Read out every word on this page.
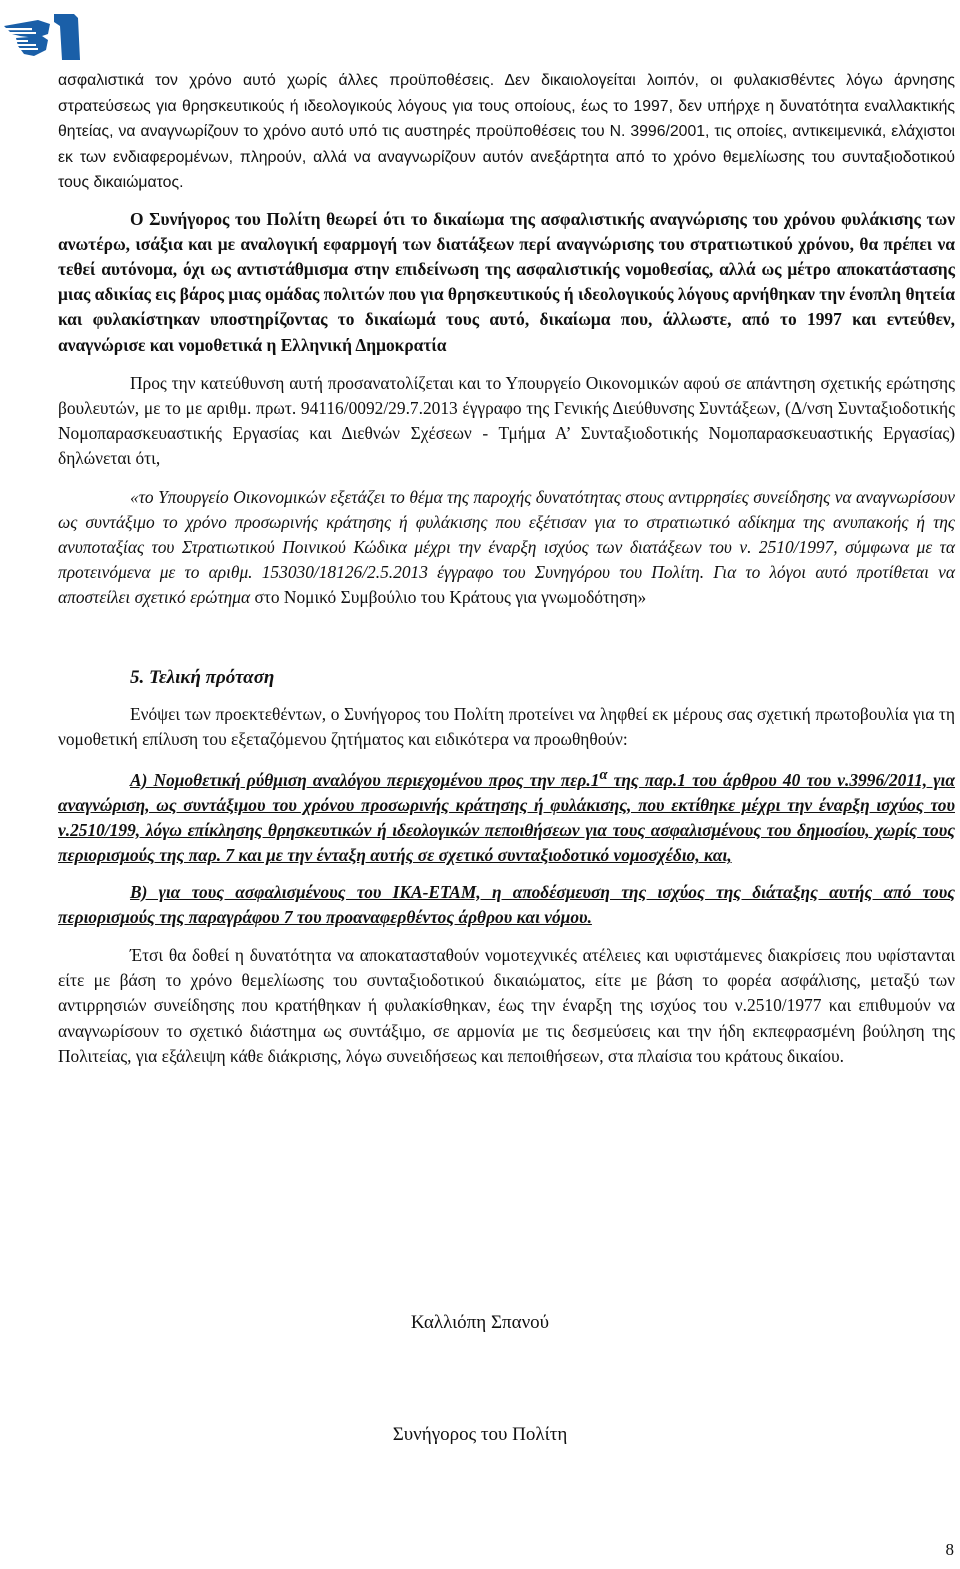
ασφαλιστικά τον χρόνο αυτό χωρίς άλλες προϋποθέσεις. Δεν δικαιολογείται λοιπόν, οι φυλακισθέντες λόγω άρνησης στρατεύσεως για θρησκευτικούς ή ιδεολογικούς λόγους για τους οποίους, έως το 1997, δεν υπήρχε η δυνατότητα εναλλακτικής θητείας, να αναγνωρίζουν το χρόνο αυτό υπό τις αυστηρές προϋποθέσεις του Ν. 3996/2001, τις οποίες, αντικειμενικά, ελάχιστοι εκ των ενδιαφερομένων, πληρούν, αλλά να αναγνωρίζουν αυτόν ανεξάρτητα από το χρόνο θεμελίωσης του συνταξιοδοτικού τους δικαιώματος.

Ο Συνήγορος του Πολίτη θεωρεί ότι το δικαίωμα της ασφαλιστικής αναγνώρισης του χρόνου φυλάκισης των ανωτέρω, ισάξια και με αναλογική εφαρμογή των διατάξεων περί αναγνώρισης του στρατιωτικού χρόνου, θα πρέπει να τεθεί αυτόνομα, όχι ως αντιστάθμισμα στην επιδείνωση της ασφαλιστικής νομοθεσίας, αλλά ως μέτρο αποκατάστασης μιας αδικίας εις βάρος μιας ομάδας πολιτών που για θρησκευτικούς ή ιδεολογικούς λόγους αρνήθηκαν την ένοπλη θητεία και φυλακίστηκαν υποστηρίζοντας το δικαίωμά τους αυτό, δικαίωμα που, άλλωστε, από το 1997 και εντεύθεν, αναγνώρισε και νομοθετικά η Ελληνική Δημοκρατία

Προς την κατεύθυνση αυτή προσανατολίζεται και το Υπουργείο Οικονομικών αφού σε απάντηση σχετικής ερώτησης βουλευτών, με το με αριθμ. πρωτ. 94116/0092/29.7.2013 έγγραφο της Γενικής Διεύθυνσης Συντάξεων, (Δ/νση Συνταξιοδοτικής Νομοπαρασκευαστικής Εργασίας και Διεθνών Σχέσεων - Τμήμα Α’ Συνταξιοδοτικής Νομοπαρασκευαστικής Εργασίας) δηλώνεται ότι,

«το Υπουργείο Οικονομικών εξετάζει το θέμα της παροχής δυνατότητας στους αντιρρησίες συνείδησης να αναγνωρίσουν ως συντάξιμο το χρόνο προσωρινής κράτησης ή φυλάκισης που εξέτισαν για το στρατιωτικό αδίκημα της ανυπακοής ή της ανυποταξίας του Στρατιωτικού Ποινικού Κώδικα μέχρι την έναρξη ισχύος των διατάξεων του ν. 2510/1997, σύμφωνα με τα προτεινόμενα με το αριθμ. 153030/18126/2.5.2013 έγγραφο του Συνηγόρου του Πολίτη. Για το λόγοι αυτό προτίθεται να αποστείλει σχετικό ερώτημα στο Νομικό Συμβούλιο του Κράτους για γνωμοδότηση»

5. Τελική πρόταση

Ενόψει των προεκτεθέντων, ο Συνήγορος του Πολίτη προτείνει να ληφθεί εκ μέρους σας σχετική πρωτοβουλία για τη νομοθετική επίλυση του εξεταζόμενου ζητήματος και ειδικότερα να προωθηθούν:

Α) Νομοθετική ρύθμιση αναλόγου περιεχομένου προς την $\pi\varepsilon\rho.1^\alpha$ της παρ.1 του άρθρου 40 του ν.3996/2011, για αναγνώριση, ως συντάξιμου του χρόνου προσωρινής κράτησης ή φυλάκισης, που εκτίθηκε μέχρι την έναρξη ισχύος του ν.2510/199, λόγω επίκλησης θρησκευτικών ή ιδεολογικών πεποιθήσεων για τους ασφαλισμένους του δημοσίου, χωρίς τους περιορισμούς της παρ. 7 και με την ένταξη αυτής σε σχετικό συνταξιοδοτικό νομοσχέδιο, και,

Β) για τους ασφαλισμένους του ΙΚΑ-ΕΤΑΜ, η αποδέσμευση της ισχύος της διάταξης αυτής από τους περιορισμούς της παραγράφου 7 του προαναφερθέντος άρθρου και νόμου.

Έτσι θα δοθεί η δυνατότητα να αποκατασταθούν νομοτεχνικές ατέλειες και υφιστάμενες διακρίσεις που υφίστανται είτε με βάση το χρόνο θεμελίωσης του συνταξιοδοτικού δικαιώματος, είτε με βάση το φορέα ασφάλισης, μεταξύ των αντιρρησιών συνείδησης που κρατήθηκαν ή φυλακίσθηκαν, έως την έναρξη της ισχύος του ν.2510/1977 και επιθυμούν να αναγνωρίσουν το σχετικό διάστημα ως συντάξιμο, σε αρμονία με τις δεσμεύσεις και την ήδη εκπεφρασμένη βούληση της Πολιτείας, για εξάλειψη κάθε διάκρισης, λόγω συνειδήσεως και πεποιθήσεων, στα πλαίσια του κράτους δικαίου.

Καλλιόπη Σπανού
Συνήγορος του Πολίτη
8
